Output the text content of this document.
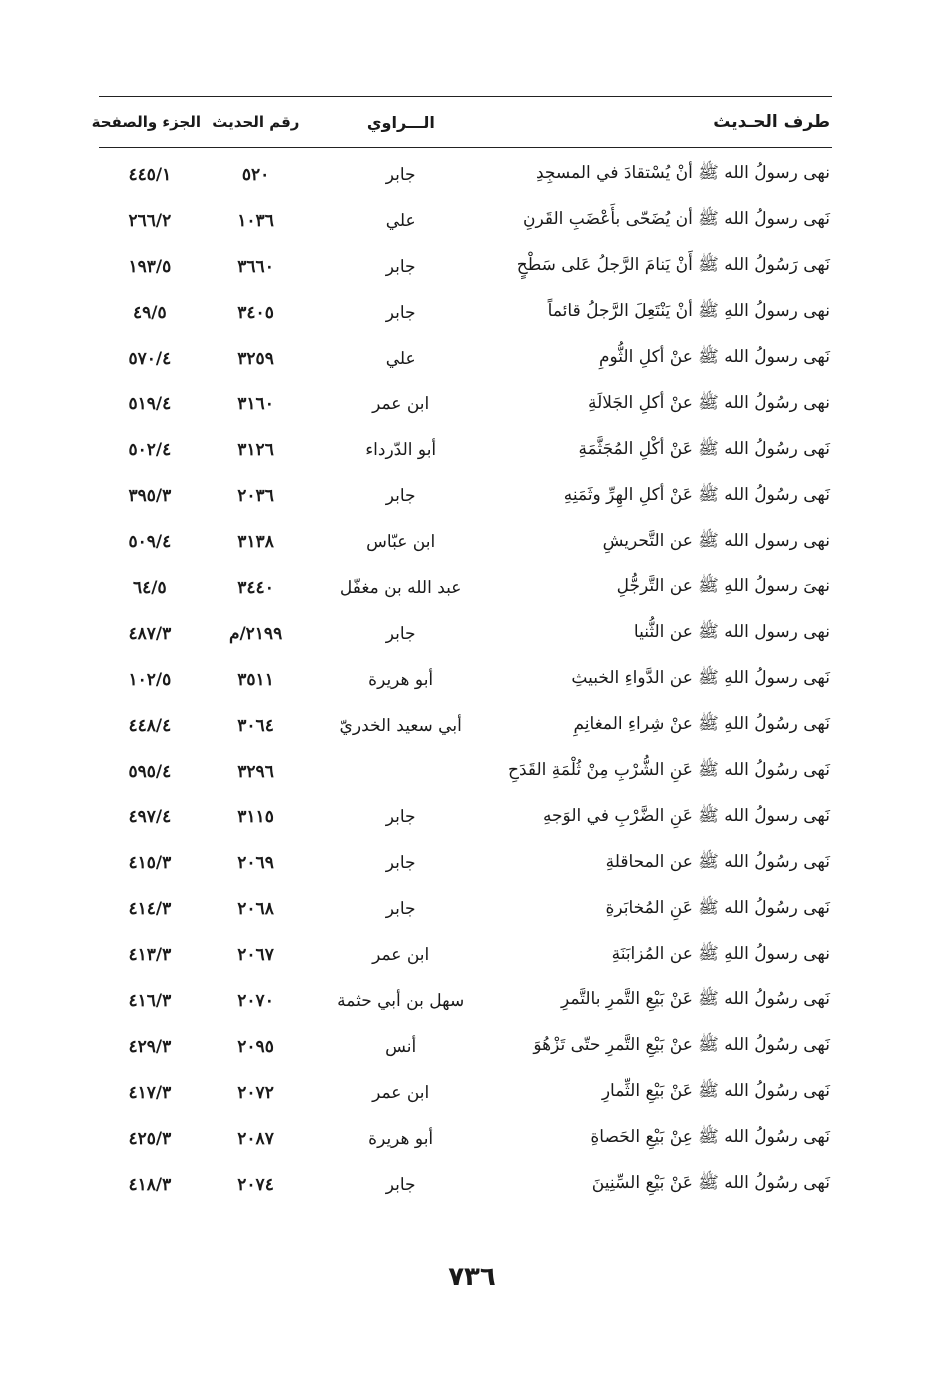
طرف الحـديث
الـــراوي
رقم الحديث
الجزء والصفحة
نهى رسولُ الله ﷺ أنْ يُسْتقادَ في المسجِدِ
جابر
٥٢٠
٤٤٥/١
نَهى رسولُ الله ﷺ أن يُضَحّى بأَعْضَبِ القَرنِ
علي
١٠٣٦
٢٦٦/٢
نَهى رَسُولُ الله ﷺ أَنْ يَنامَ الرَّجلُ عَلى سَطْحٍ
جابر
٣٦٦٠
١٩٣/٥
نهى رسولُ اللهِ ﷺ أنْ يَنْتَعِلَ الرَّجلُ قائماً
جابر
٣٤٠٥
٤٩/٥
نَهى رسولُ الله ﷺ عنْ أكلِ الثُّومِ
علي
٣٢٥٩
٥٧٠/٤
نهى رسُولُ الله ﷺ عنْ أكلِ الجَلالَةِ
ابن عمر
٣١٦٠
٥١٩/٤
نَهى رسُولُ الله ﷺ عَنْ أكْلِ المُجَثَّمَةِ
أبو الدّرداء
٣١٢٦
٥٠٢/٤
نَهى رسُولُ الله ﷺ عَنْ أكلِ الهِرِّ وثَمَنِهِ
جابر
٢٠٣٦
٣٩٥/٣
نهى رسول الله ﷺ عن التَّحريشِ
ابن عبّاس
٣١٣٨
٥٠٩/٤
نهىَ رسولُ اللهِ ﷺ عن التَّرجُّلِ
عبد الله بن مغفّل
٣٤٤٠
٦٤/٥
نهى رسول الله ﷺ عن الثُّنيا
جابر
٢١٩٩/م
٤٨٧/٣
نَهى رسولُ اللهِ ﷺ عن الدَّواءِ الخبيثِ
أبو هريرة
٣٥١١
١٠٢/٥
نَهى رسُولُ اللهِ ﷺ عنْ شِراءِ المغانِمِ
أبي سعيد الخدريّ
٣٠٦٤
٤٤٨/٤
نَهى رسُولُ الله ﷺ عَنِ الشُّرْبِ مِنْ ثُلْمَةِ القَدَحِ
٣٢٩٦
٥٩٥/٤
نَهى رسولُ الله ﷺ عَنِ الضَّرْبِ في الوَجهِ
جابر
٣١١٥
٤٩٧/٤
نَهى رسُولُ الله ﷺ عن المحاقلةِ
جابر
٢٠٦٩
٤١٥/٣
نَهى رسُولُ الله ﷺ عَنِ المُخابَرةِ
جابر
٢٠٦٨
٤١٤/٣
نهى رسولُ اللهِ ﷺ عن المُزابَنَةِ
ابن عمر
٢٠٦٧
٤١٣/٣
نَهى رسُولُ الله ﷺ عَنْ بَيْعِ التَّمرِ بالتَّمرِ
سهل بن أبي حثمة
٢٠٧٠
٤١٦/٣
نَهى رسُولُ الله ﷺ عنْ بَيْعِ التَّمرِ حتّى تَزْهُوَ
أنس
٢٠٩٥
٤٢٩/٣
نَهى رسُولُ الله ﷺ عَنْ بَيْعِ الثِّمارِ
ابن عمر
٢٠٧٢
٤١٧/٣
نَهى رسُولُ الله ﷺ عِنْ بَيْعِ الحَصاةِ
أبو هريرة
٢٠٨٧
٤٢٥/٣
نَهى رسُولُ الله ﷺ عَنْ بَيْعِ السِّنِينَ
جابر
٢٠٧٤
٤١٨/٣
٧٣٦
